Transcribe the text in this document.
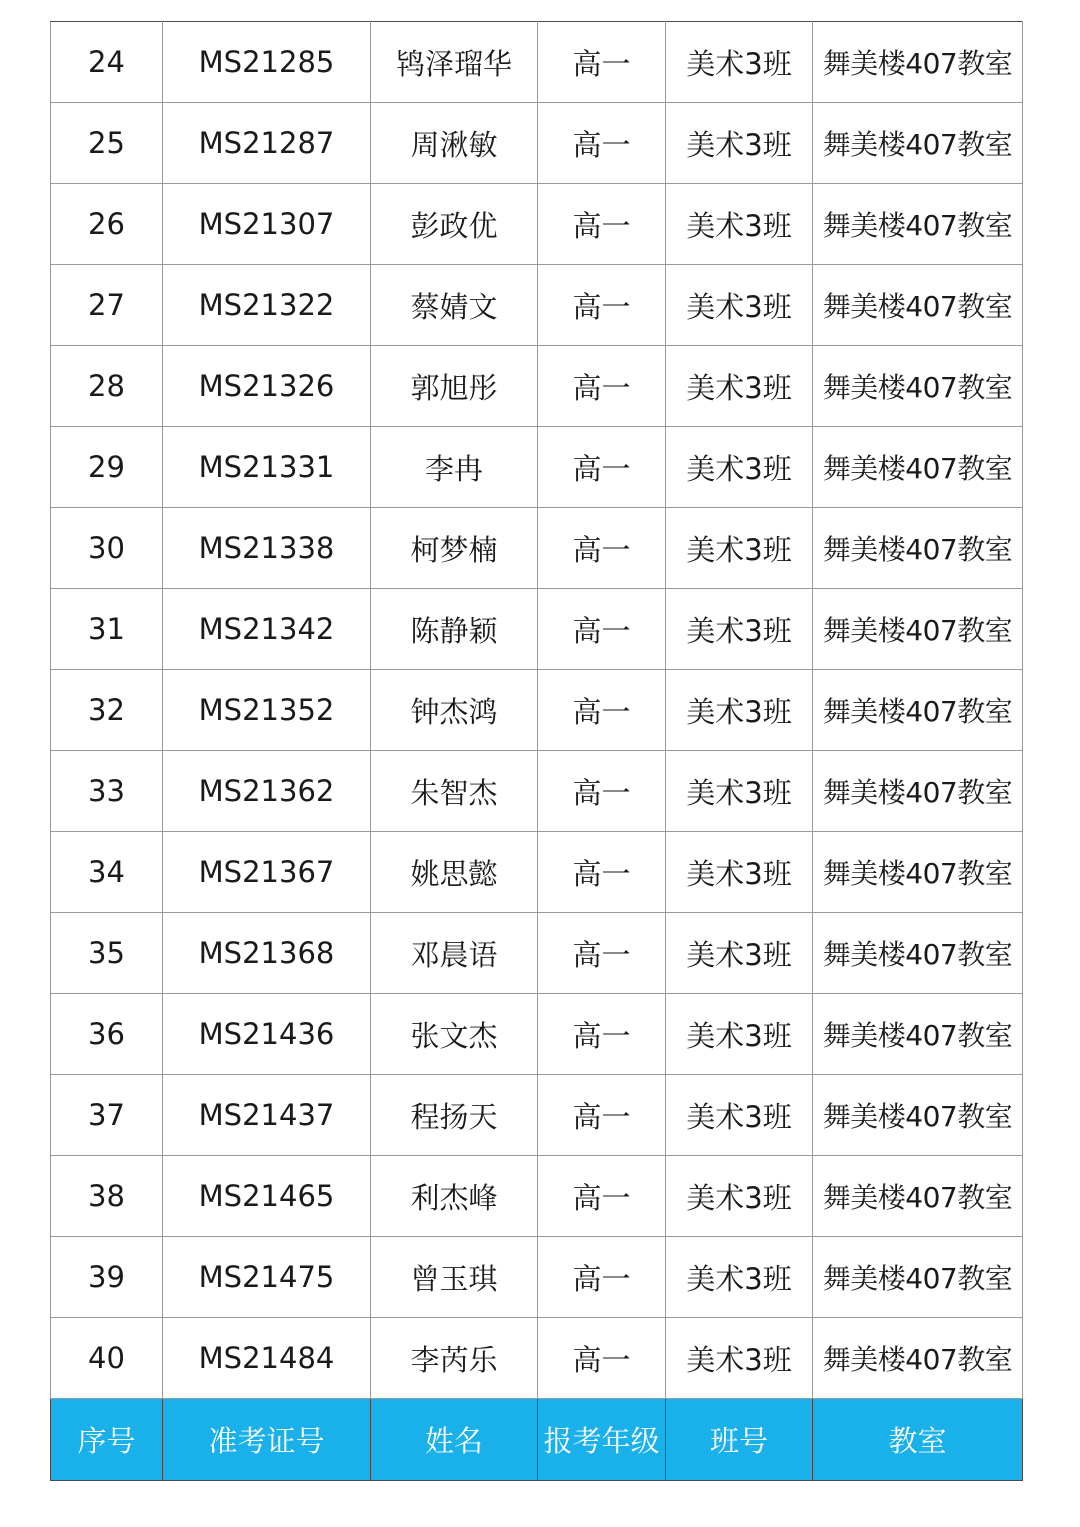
24	MS21285	鸨泽瑠华	高一	美术3班	舞美楼407教室
25	MS21287	周湫敏	高一	美术3班	舞美楼407教室
26	MS21307	彭政优	高一	美术3班	舞美楼407教室
27	MS21322	蔡婧文	高一	美术3班	舞美楼407教室
28	MS21326	郭旭彤	高一	美术3班	舞美楼407教室
29	MS21331	李冉	高一	美术3班	舞美楼407教室
30	MS21338	柯梦楠	高一	美术3班	舞美楼407教室
31	MS21342	陈静颖	高一	美术3班	舞美楼407教室
32	MS21352	钟杰鸿	高一	美术3班	舞美楼407教室
33	MS21362	朱智杰	高一	美术3班	舞美楼407教室
34	MS21367	姚思懿	高一	美术3班	舞美楼407教室
35	MS21368	邓晨语	高一	美术3班	舞美楼407教室
36	MS21436	张文杰	高一	美术3班	舞美楼407教室
37	MS21437	程扬天	高一	美术3班	舞美楼407教室
38	MS21465	利杰峰	高一	美术3班	舞美楼407教室
39	MS21475	曾玉琪	高一	美术3班	舞美楼407教室
40	MS21484	李芮乐	高一	美术3班	舞美楼407教室
序号	准考证号	姓名	报考年级	班号	教室
